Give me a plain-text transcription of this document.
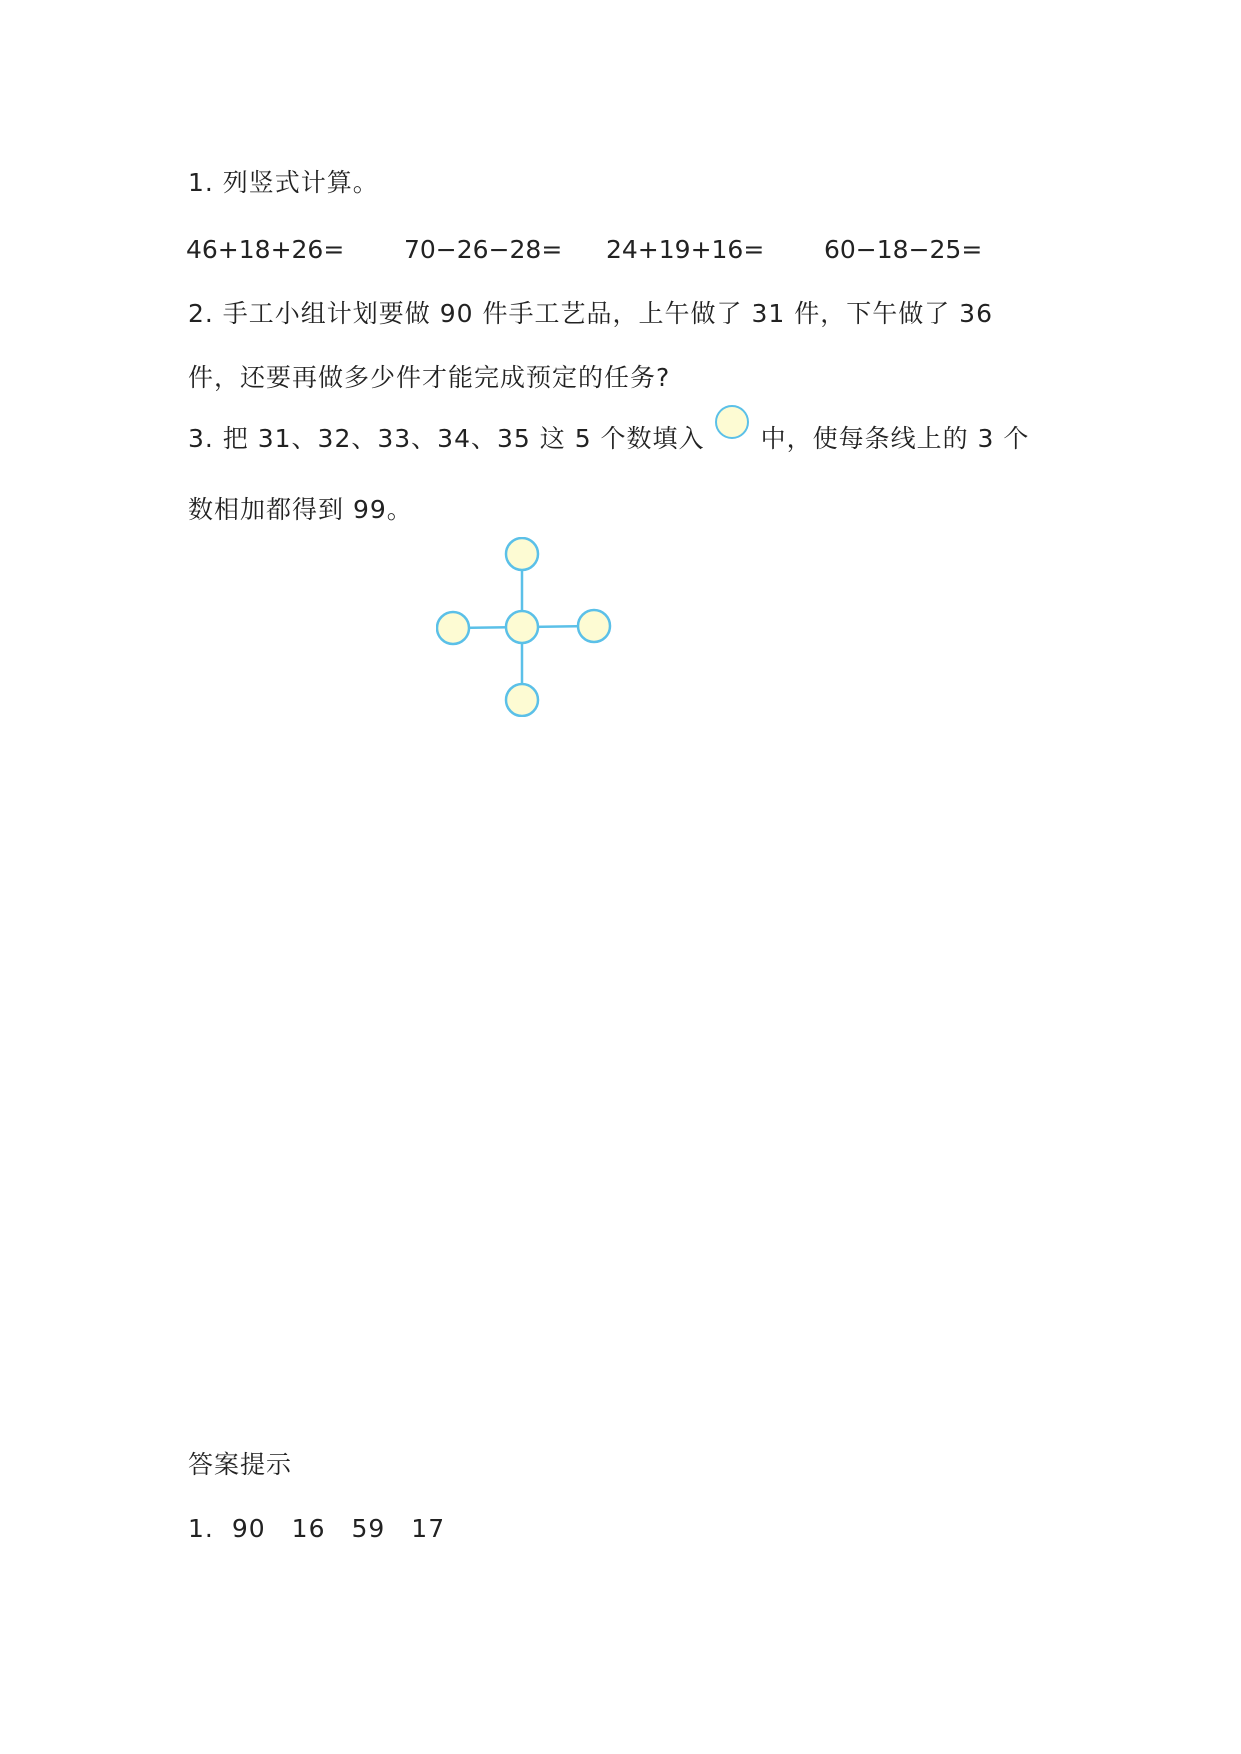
1. 列竖式计算。
46+18+26= 70−26−28= 24+19+16= 60−18−25=
2. 手工小组计划要做 90 件手工艺品，上午做了 31 件，下午做了 36
件，还要再做多少件才能完成预定的任务?
3. 把 31、32、33、34、35 这 5 个数填入 中，使每条线上的 3 个
数相加都得到 99。
答案提示
1. 90 16 59 17
